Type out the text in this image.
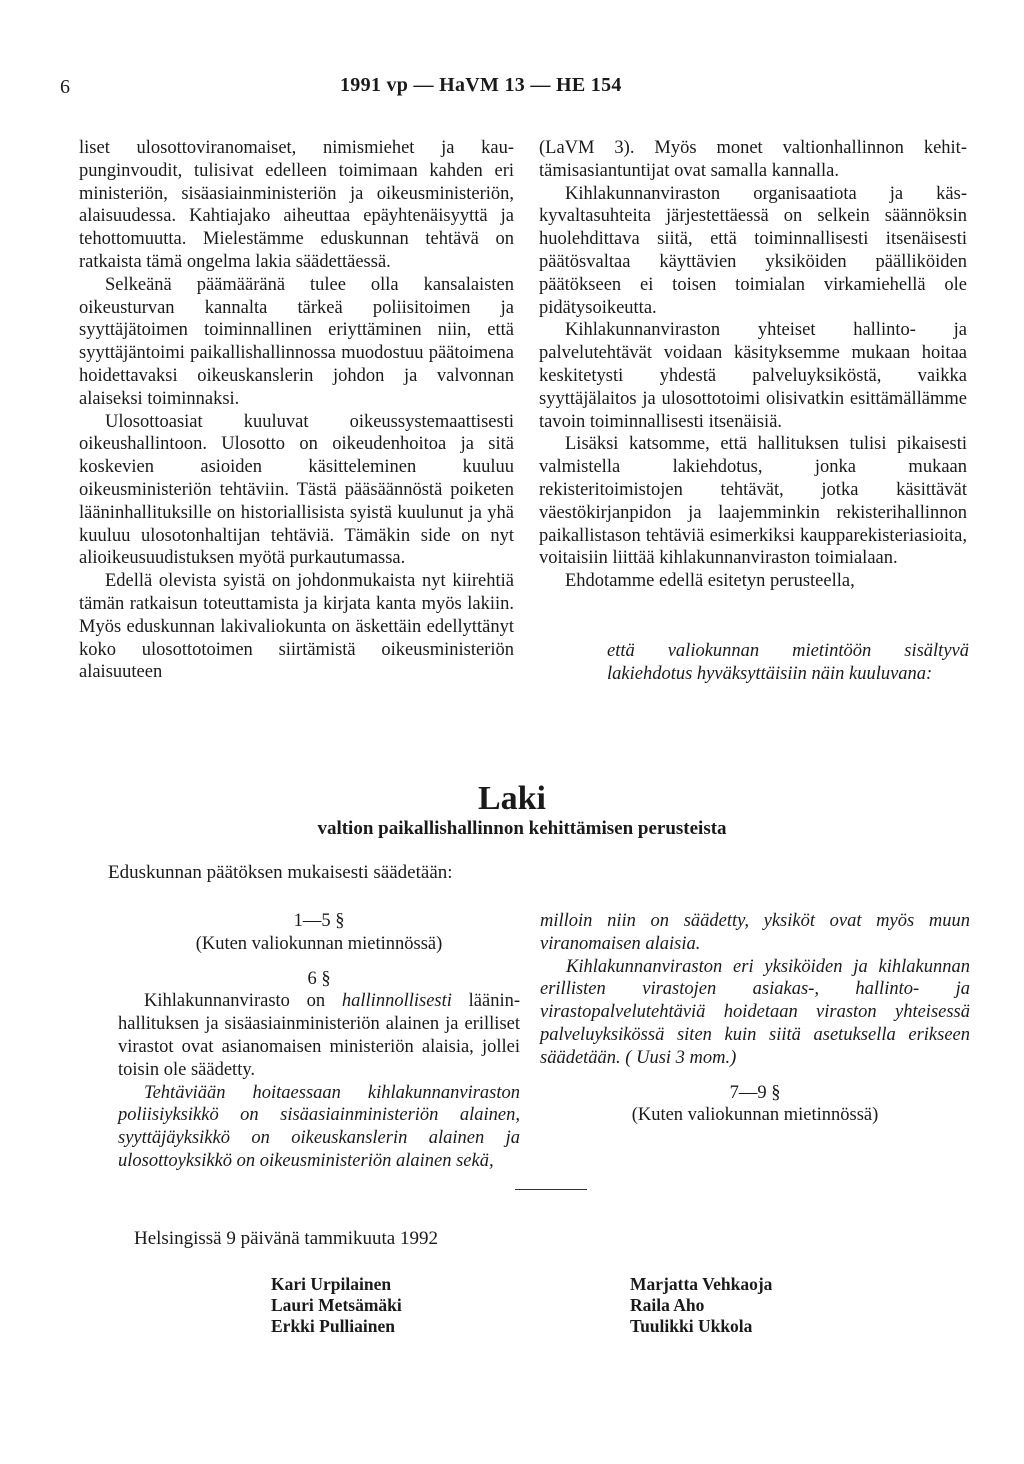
6	1991 vp — HaVM 13 — HE 154

liset ulosottoviranomaiset, nimismiehet ja kaupunginvoudit, tulisivat edelleen toimimaan kahden eri ministeriön, sisäasiainministeriön ja oikeusministeriön, alaisuudessa. Kahtiajako aiheuttaa epäyhtenäisyyttä ja tehottomuutta. Mielestämme eduskunnan tehtävä on ratkaista tämä ongelma lakia säädettäessä.

Selkeänä päämääränä tulee olla kansalaisten oikeusturvan kannalta tärkeä poliisitoimen ja syyttäjätoimen toiminnallinen eriyttäminen niin, että syyttäjäntoimi paikallishallinnossa muodostuu päätoimena hoidettavaksi oikeuskanslerin johdon ja valvonnan alaiseksi toiminnaksi.

Ulosottoasiat kuuluvat oikeussystemaattisesti oikeushallintoon. Ulosotto on oikeudenhoitoa ja sitä koskevien asioiden käsitteleminen kuuluu oikeusministeriön tehtäviin. Tästä pääsäännöstä poiketen lääninhallituksille on historiallisista syistä kuulunut ja yhä kuuluu ulosotonhaltijan tehtäviä. Tämäkin side on nyt alioikeusuudistuksen myötä purkautumassa.

Edellä olevista syistä on johdonmukaista nyt kiirehtiä tämän ratkaisun toteuttamista ja kirjata kanta myös lakiin. Myös eduskunnan lakivaliokunta on äskettäin edellyttänyt koko ulosottotoimen siirtämistä oikeusministeriön alaisuuteen

(LaVM 3). Myös monet valtionhallinnon kehittämisasiantuntijat ovat samalla kannalla.

Kihlakunnanviraston organisaatiota ja käskyvaltasuhteita järjestettäessä on selkein säännöksin huolehdittava siitä, että toiminnallisesti itsenäisesti päätösvaltaa käyttävien yksiköiden päälliköiden päätökseen ei toisen toimialan virkamiehellä ole pidätysoikeutta.

Kihlakunnanviraston yhteiset hallinto- ja palvelutehtävät voidaan käsityksemme mukaan hoitaa keskitetysti yhdestä palveluyksiköstä, vaikka syyttäjälaitos ja ulosottotoimi olisivatkin esittämällämme tavoin toiminnallisesti itsenäisiä.

Lisäksi katsomme, että hallituksen tulisi pikaisesti valmistella lakiehdotus, jonka mukaan rekisteritoimistojen tehtävät, jotka käsittävät väestökirjanpidon ja laajemminkin rekisterihallinnon paikallistason tehtäviä esimerkiksi kaupparekisteriasioita, voitaisiin liittää kihlakunnanviraston toimialaan.

Ehdotamme edellä esitetyn perusteella,

että valiokunnan mietintöön sisältyvä lakiehdotus hyväksyttäisiin näin kuuluvana:
Laki
valtion paikallishallinnon kehittämisen perusteista
Eduskunnan päätöksen mukaisesti säädetään:

1—5 §

(Kuten valiokunnan mietinnössä)

6 §

Kihlakunnanvirasto on hallinnollisesti lääninhallituksen ja sisäasiainministeriön alainen ja erilliset virastot ovat asianomaisen ministeriön alaisia, jollei toisin ole säädetty.

Tehtäviään hoitaessaan kihlakunnanviraston poliisiyksikkö on sisäasiainministeriön alainen, syyttäjäyksikkö on oikeuskanslerin alainen ja ulosottoyksikkö on oikeusministeriön alainen sekä,

milloin niin on säädetty, yksiköt ovat myös muun viranomaisen alaisia.

Kihlakunnanviraston eri yksiköiden ja kihlakunnan erillisten virastojen asiakas-, hallinto- ja virastopalvelutehtäviä hoidetaan viraston yhteisessä palveluyksikössä siten kuin siitä asetuksella erikseen säädetään. ( Uusi 3 mom.)

7—9 §

(Kuten valiokunnan mietinnössä)

Helsingissä 9 päivänä tammikuuta 1992
Kari Urpilainen
Lauri Metsämäki
Erkki Pulliainen
Marjatta Vehkaoja
Raila Aho
Tuulikki Ukkola
